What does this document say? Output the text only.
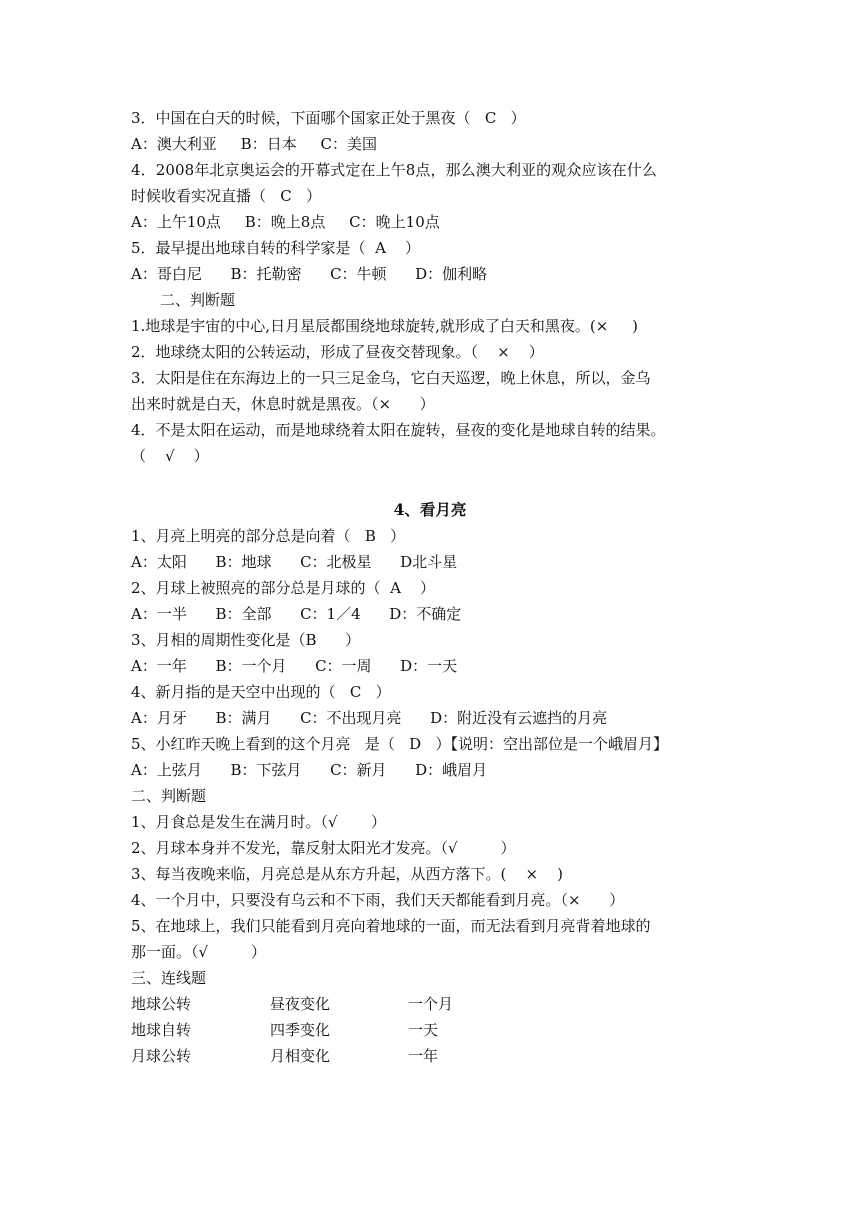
3．中国在白天的时候，下面哪个国家正处于黑夜（   C   ）

A：澳大利亚     B：日本     C：美国

4．2008年北京奥运会的开幕式定在上午8点，那么澳大利亚的观众应该在什么

时候收看实况直播（   C   ）

A：上午10点     B：晚上8点     C：晚上10点

5．最早提出地球自转的科学家是（  A    ）

A：哥白尼      B：托勒密      C：牛顿      D：伽利略

二、判断题

1.地球是宇宙的中心,日月星辰都围绕地球旋转,就形成了白天和黑夜。(×     )

2．地球绕太阳的公转运动，形成了昼夜交替现象。（    ×    ）

3．太阳是住在东海边上的一只三足金乌，它白天巡逻，晚上休息，所以，金乌

出来时就是白天，休息时就是黑夜。（×      ）

4．不是太阳在运动，而是地球绕着太阳在旋转，昼夜的变化是地球自转的结果。

（    √    ）

4、看月亮

1、月亮上明亮的部分总是向着（   B   ）

A：太阳      B：地球      C：北极星      D北斗星

2、月球上被照亮的部分总是月球的（  A    ）

A：一半      B：全部      C：1／4      D：不确定

3、月相的周期性变化是（B      ）

A：一年      B：一个月      C：一周      D：一天

4、新月指的是天空中出现的（   C   ）

A：月牙      B：满月      C：不出现月亮      D：附近没有云遮挡的月亮

5、小红昨天晚上看到的这个月亮   是（   D   ）【说明：空出部位是一个峨眉月】

A：上弦月      B：下弦月      C：新月      D：峨眉月

二、判断题

1、月食总是发生在满月时。（√       ）

2、月球本身并不发光，靠反射太阳光才发亮。（√         ）

3、每当夜晚来临，月亮总是从东方升起，从西方落下。(    ×    )

4、一个月中，只要没有乌云和不下雨，我们天天都能看到月亮。（×      ）

5、在地球上，我们只能看到月亮向着地球的一面，而无法看到月亮背着地球的

那一面。（√         ）

三、连线题

地球公转	昼夜变化	一个月
地球自转	四季变化	一天
月球公转	月相变化	一年
